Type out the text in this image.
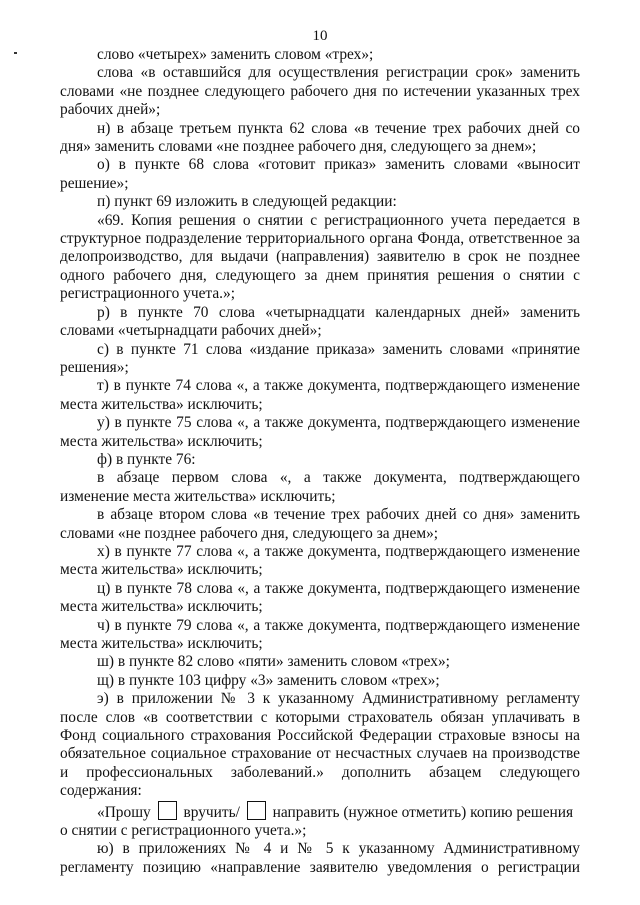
10

слово «четырех» заменить словом «трех»;

слова «в оставшийся для осуществления регистрации срок» заменить словами «не позднее следующего рабочего дня по истечении указанных трех рабочих дней»;

н) в абзаце третьем пункта 62 слова «в течение трех рабочих дней со дня» заменить словами «не позднее рабочего дня, следующего за днем»;

о) в пункте 68 слова «готовит приказ» заменить словами «выносит решение»;

п) пункт 69 изложить в следующей редакции:

«69. Копия решения о снятии с регистрационного учета передается в структурное подразделение территориального органа Фонда, ответственное за делопроизводство, для выдачи (направления) заявителю в срок не позднее одного рабочего дня, следующего за днем принятия решения о снятии с регистрационного учета.»;

р) в пункте 70 слова «четырнадцати календарных дней» заменить словами «четырнадцати рабочих дней»;

с) в пункте 71 слова «издание приказа» заменить словами «принятие решения»;

т) в пункте 74 слова «, а также документа, подтверждающего изменение места жительства» исключить;

у) в пункте 75 слова «, а также документа, подтверждающего изменение места жительства» исключить;

ф) в пункте 76:

в абзаце первом слова «, а также документа, подтверждающего изменение места жительства» исключить;

в абзаце втором слова «в течение трех рабочих дней со дня» заменить словами «не позднее рабочего дня, следующего за днем»;

х) в пункте 77 слова «, а также документа, подтверждающего изменение места жительства» исключить;

ц) в пункте 78 слова «, а также документа, подтверждающего изменение места жительства» исключить;

ч) в пункте 79 слова «, а также документа, подтверждающего изменение места жительства» исключить;

ш) в пункте 82 слово «пяти» заменить словом «трех»;

щ) в пункте 103 цифру «3» заменить словом «трех»;

э) в приложении № 3 к указанному Административному регламенту после слов «в соответствии с которыми страхователь обязан уплачивать в Фонд социального страхования Российской Федерации страховые взносы на обязательное социальное страхование от несчастных случаев на производстве и профессиональных заболеваний.» дополнить абзацем следующего содержания:

«Прошу вручить/ направить (нужное отметить) копию решения

о снятии с регистрационного учета.»;

ю) в приложениях № 4 и № 5 к указанному Административному

регламенту позицию «направление заявителю уведомления о регистрации
